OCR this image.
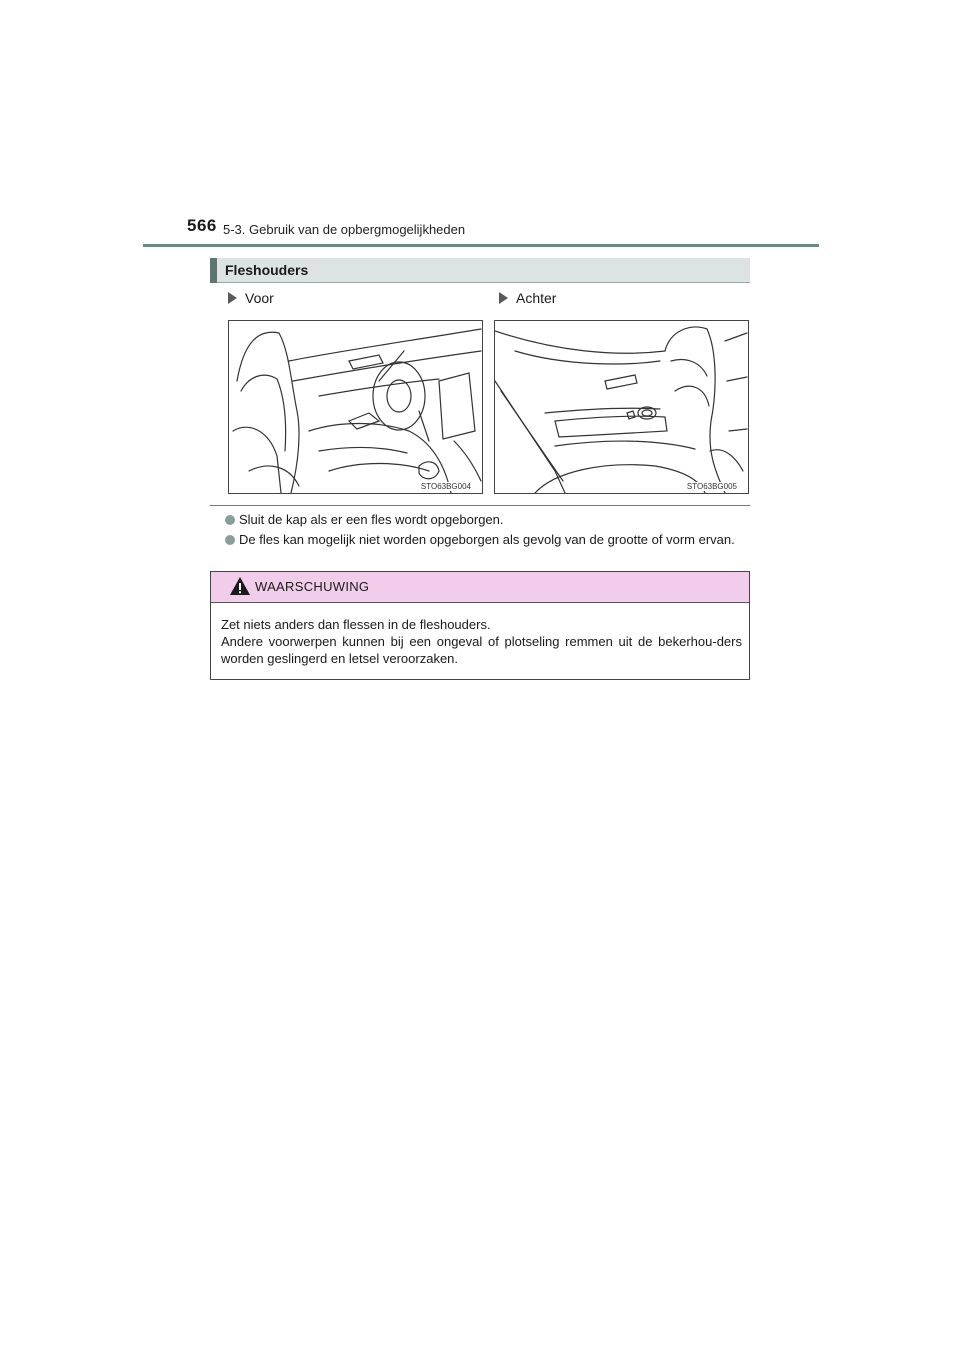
566 5-3. Gebruik van de opbergmogelijkheden
Fleshouders
Voor	Achter
STO63BG004	STO63BG005
Sluit de kap als er een fles wordt opgeborgen.
De fles kan mogelijk niet worden opgeborgen als gevolg van de grootte of vorm ervan.
WAARSCHUWING

Zet niets anders dan flessen in de fleshouders.

Andere voorwerpen kunnen bij een ongeval of plotseling remmen uit de bekerhou-ders worden geslingerd en letsel veroorzaken.
